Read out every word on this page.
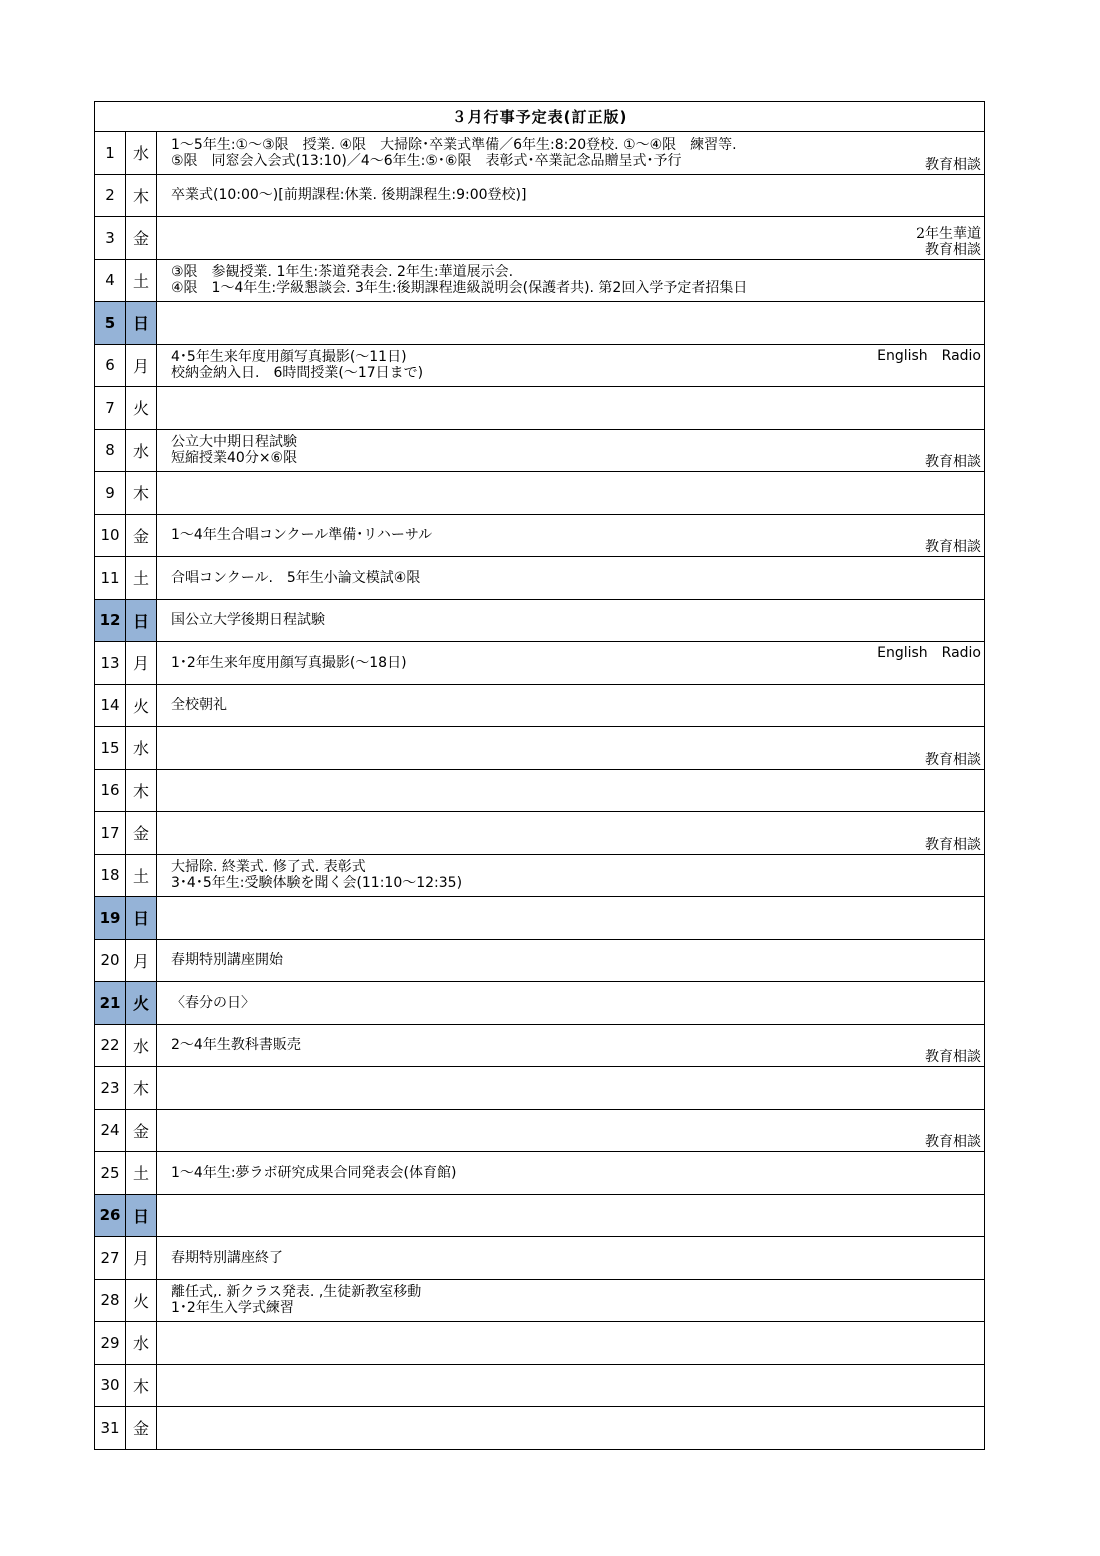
３月行事予定表(訂正版)		
1	水	1〜5年生:①〜③限　授業. ④限　大掃除･卒業式準備／6年生:8:20登校. ①〜④限　練習等.
⑤限　同窓会入会式(13:10)／4〜6年生:⑤･⑥限　表彰式･卒業記念品贈呈式･予行 教育相談

2	木	卒業式(10:00〜)[前期課程:休業. 後期課程生:9:00登校)]

3	金	2年生華道
教育相談

4	土	③限　参観授業. 1年生:茶道発表会. 2年生:華道展示会.
④限　1〜4年生:学級懇談会. 3年生:後期課程進級説明会(保護者共). 第2回入学予定者招集日

5	日	
6	月	4･5年生来年度用顔写真撮影(〜11日)
校納金納入日.　6時間授業(〜17日まで)
English　Radio

7	火	
8	水	公立大中期日程試験
短縮授業40分×⑥限 教育相談

9	木	
10	金	1〜4年生合唱コンクール準備･リハーサル
教育相談

11	土	合唱コンクール.　5年生小論文模試④限

12	日	国公立大学後期日程試験

13	月	1･2年生来年度用顔写真撮影(〜18日)
English　Radio

14	火	全校朝礼

15	水	教育相談

16	木	
17	金	教育相談

18	土	大掃除. 終業式. 修了式. 表彰式
3･4･5年生:受験体験を聞く会(11:10〜12:35)

19	日	
20	月	春期特別講座開始

21	火	〈春分の日〉

22	水	2〜4年生教科書販売
教育相談

23	木	
24	金	教育相談

25	土	1〜4年生:夢ラボ研究成果合同発表会(体育館)

26	日	
27	月	春期特別講座終了

28	火	離任式,. 新クラス発表. ,生徒新教室移動
1･2年生入学式練習

29	水	
30	木	
31	金	
